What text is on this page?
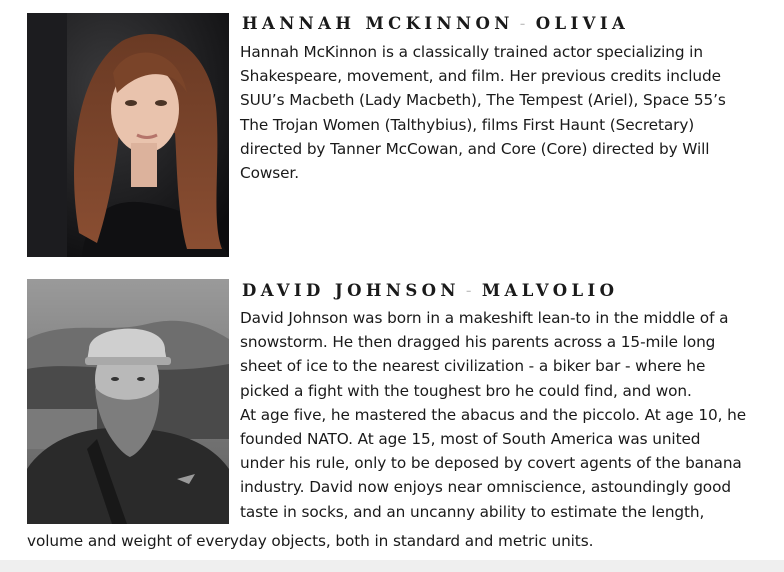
HANNAH MCKINNON - OLIVIA

Hannah McKinnon is a classically trained actor specializing in
Shakespeare, movement, and film. Her previous credits include
SUU’s Macbeth (Lady Macbeth), The Tempest (Ariel), Space 55’s
The Trojan Women (Talthybius), films First Haunt (Secretary)
directed by Tanner McCowan, and Core (Core) directed by Will
Cowser.

DAVID JOHNSON - MALVOLIO

David Johnson was born in a makeshift lean-to in the middle of a
snowstorm. He then dragged his parents across a 15-mile long
sheet of ice to the nearest civilization - a biker bar - where he
picked a fight with the toughest bro he could find, and won.
At age five, he mastered the abacus and the piccolo. At age 10, he
founded NATO. At age 15, most of South America was united
under his rule, only to be deposed by covert agents of the banana
industry. David now enjoys near omniscience, astoundingly good
taste in socks, and an uncanny ability to estimate the length,

volume and weight of everyday objects, both in standard and metric units.
